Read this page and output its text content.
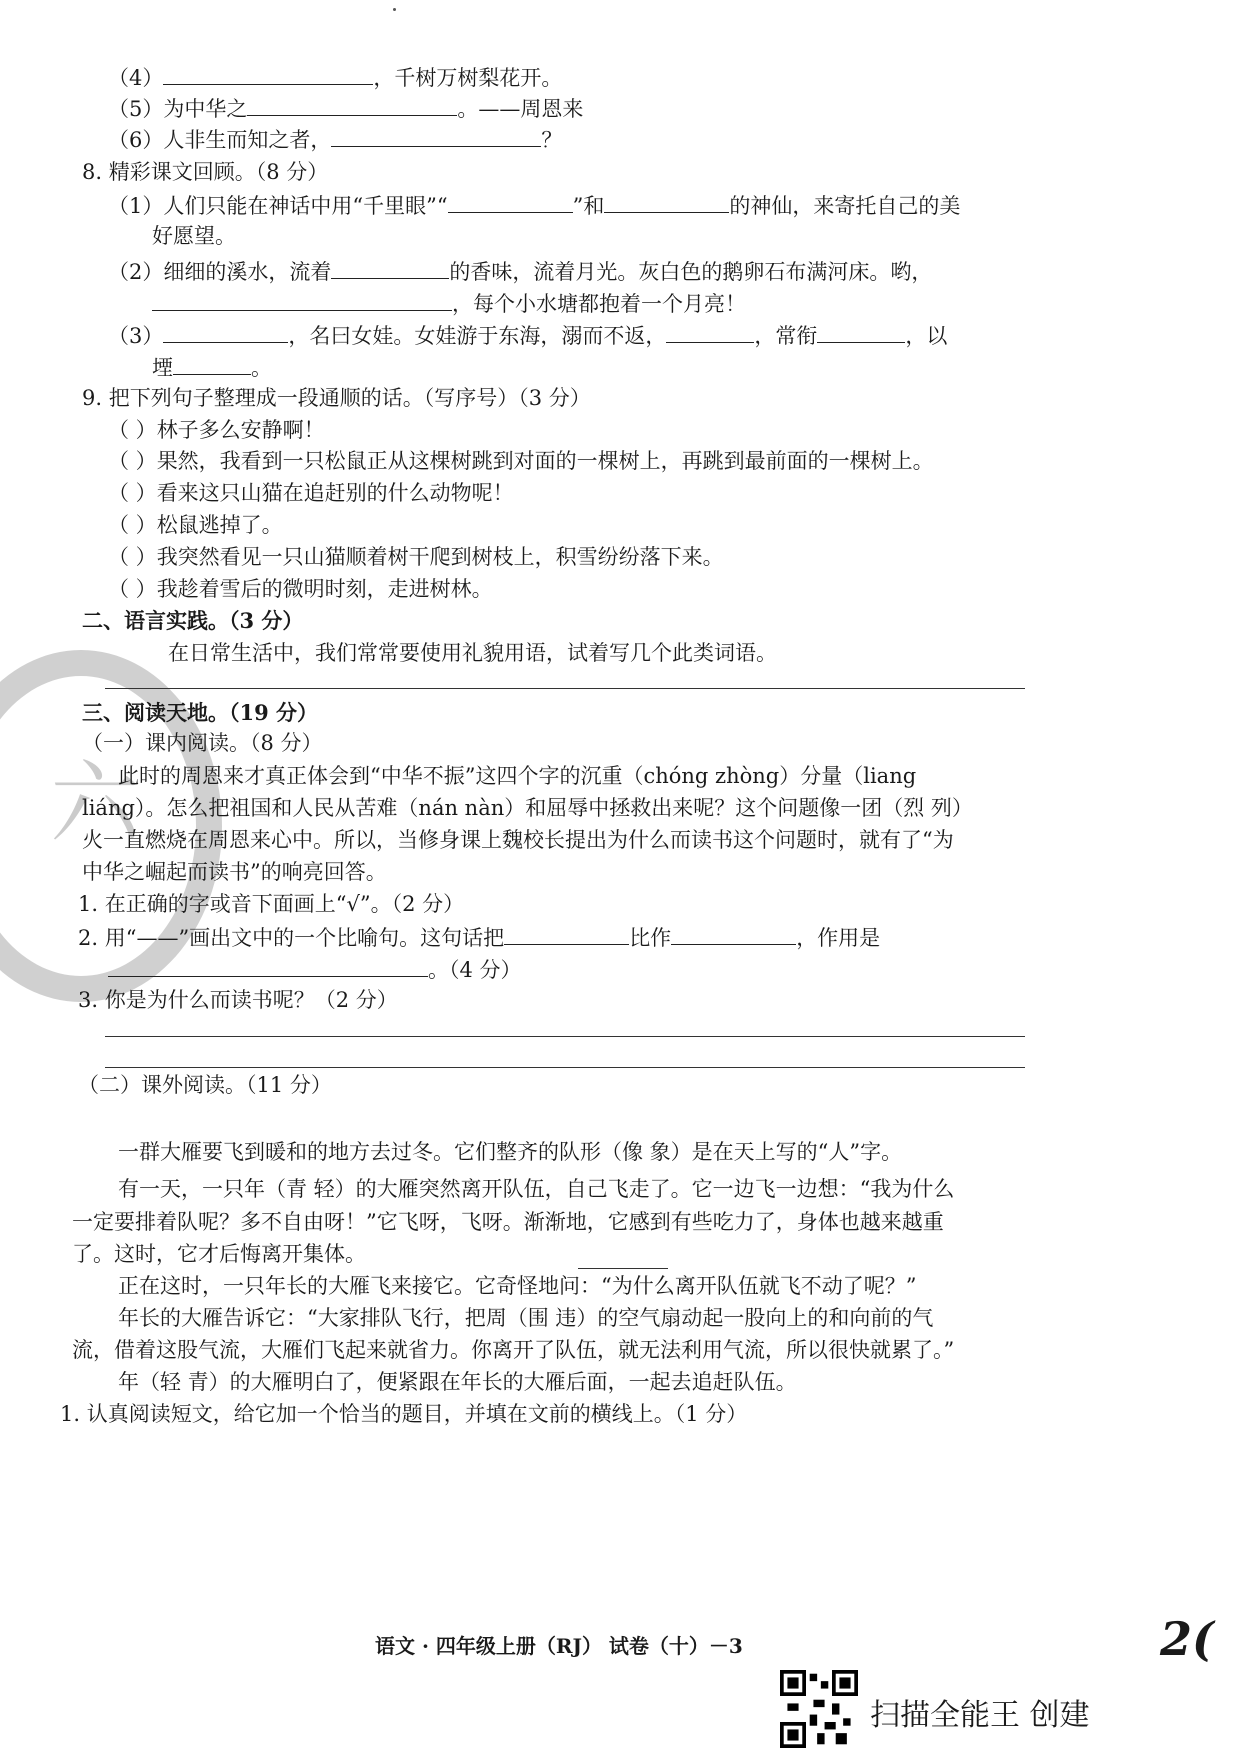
六
（4）	，千树万树梨花开。
（5）为中华之	。——周恩来
（6）人非生而知之者，	？
8. 精彩课文回顾。（8 分）
（1）人们只能在神话中用“千里眼”“	”和	的神仙，来寄托自己的美
好愿望。
（2）细细的溪水，流着	的香味，流着月光。灰白色的鹅卵石布满河床。哟，
，每个小水塘都抱着一个月亮！
（3）	，名曰女娃。女娃游于东海，溺而不返，	，常衔	，以
堙	。
9. 把下列句子整理成一段通顺的话。（写序号）（3 分）
（ ）林子多么安静啊！
（ ）果然，我看到一只松鼠正从这棵树跳到对面的一棵树上，再跳到最前面的一棵树上。
（ ）看来这只山猫在追赶别的什么动物呢！
（ ）松鼠逃掉了。
（ ）我突然看见一只山猫顺着树干爬到树枝上，积雪纷纷落下来。
（ ）我趁着雪后的微明时刻，走进树林。
二、语言实践。（3 分）
在日常生活中，我们常常要使用礼貌用语，试着写几个此类词语。
三、阅读天地。（19 分）
（一）课内阅读。（8 分）
此时的周恩来才真正体会到“中华不振”这四个字的沉重（chóng zhòng）分量（liang
liáng）。怎么把祖国和人民从苦难（nán nàn）和屈辱中拯救出来呢？这个问题像一团（烈 列）
火一直燃烧在周恩来心中。所以，当修身课上魏校长提出为什么而读书这个问题时，就有了“为
中华之崛起而读书”的响亮回答。
1. 在正确的字或音下面画上“√”。（2 分）
2. 用“——”画出文中的一个比喻句。这句话把	比作	，作用是
。（4 分）
3. 你是为什么而读书呢？（2 分）
（二）课外阅读。（11 分）
一群大雁要飞到暖和的地方去过冬。它们整齐的队形（像 象）是在天上写的“人”字。
有一天，一只年（青 轻）的大雁突然离开队伍，自己飞走了。它一边飞一边想：“我为什么
一定要排着队呢？多不自由呀！”它飞呀，飞呀。渐渐地，它感到有些吃力了，身体也越来越重
了。这时，它才后悔离开集体。
正在这时，一只年长的大雁飞来接它。它奇怪地问：“为什么离开队伍就飞不动了呢？”
年长的大雁告诉它：“大家排队飞行，把周（围 违）的空气扇动起一股向上的和向前的气
流，借着这股气流，大雁们飞起来就省力。你离开了队伍，就无法利用气流，所以很快就累了。”
年（轻 青）的大雁明白了，便紧跟在年长的大雁后面，一起去追赶队伍。
1. 认真阅读短文，给它加一个恰当的题目，并填在文前的横线上。（1 分）
语文 · 四年级上册（RJ） 试卷（十）－3	2(
扫描全能王 创建
